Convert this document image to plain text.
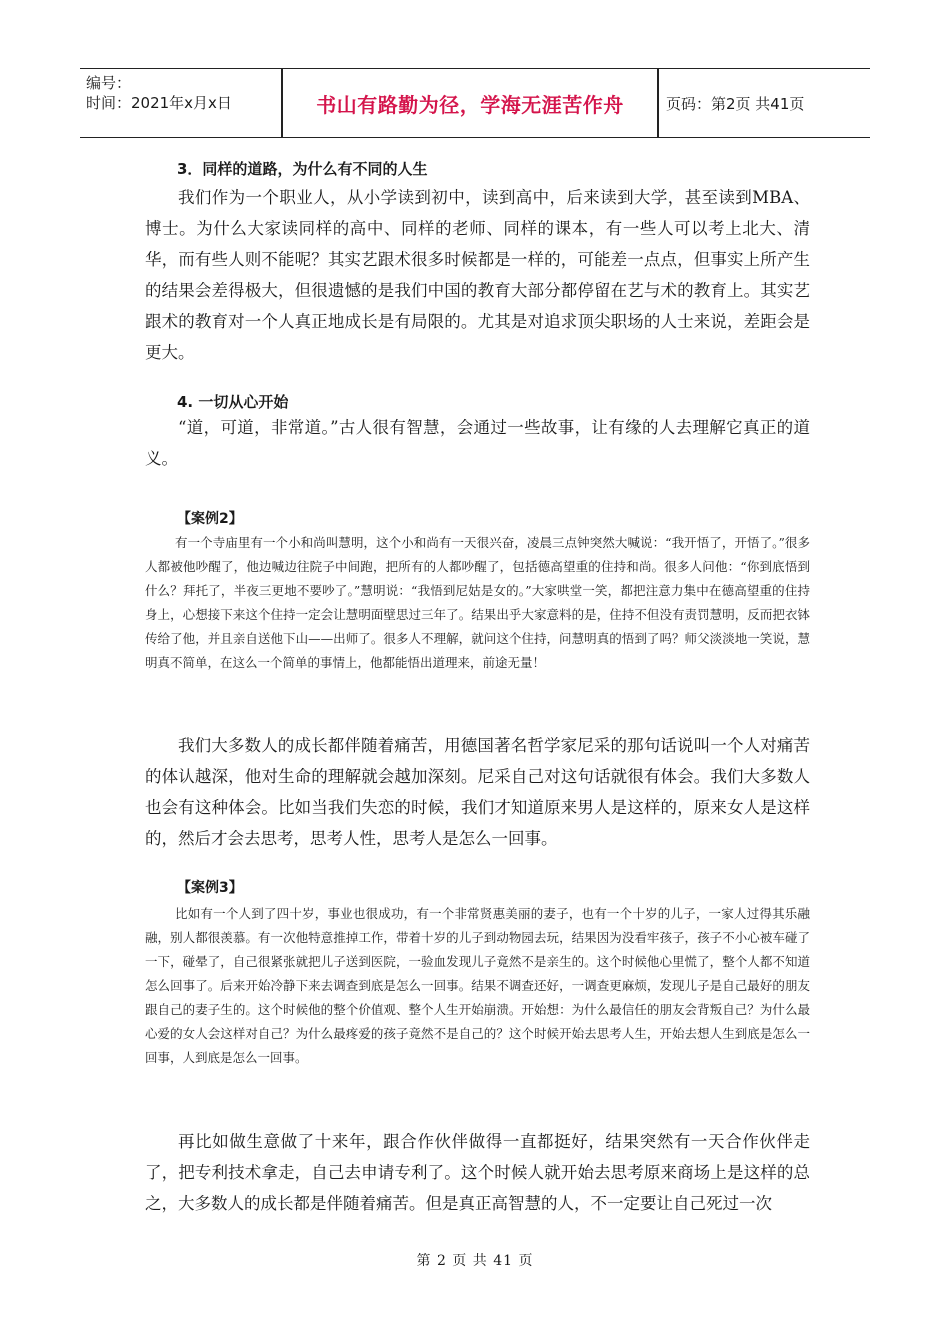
编号：
时间：2021年x月x日	书山有路勤为径，学海无涯苦作舟	页码：第2页 共41页
3．同样的道路，为什么有不同的人生

我们作为一个职业人，从小学读到初中，读到高中，后来读到大学，甚至读到MBA、博士。为什么大家读同样的高中、同样的老师、同样的课本，有一些人可以考上北大、清华，而有些人则不能呢？其实艺跟术很多时候都是一样的，可能差一点点，但事实上所产生的结果会差得极大，但很遗憾的是我们中国的教育大部分都停留在艺与术的教育上。其实艺跟术的教育对一个人真正地成长是有局限的。尤其是对追求顶尖职场的人士来说，差距会是更大。

4. 一切从心开始

“道，可道，非常道。”古人很有智慧，会通过一些故事，让有缘的人去理解它真正的道义。

【案例2】

有一个寺庙里有一个小和尚叫慧明，这个小和尚有一天很兴奋，凌晨三点钟突然大喊说：“我开悟了，开悟了。”很多人都被他吵醒了，他边喊边往院子中间跑，把所有的人都吵醒了，包括德高望重的住持和尚。很多人问他：“你到底悟到什么？拜托了，半夜三更地不要吵了。”慧明说：“我悟到尼姑是女的。”大家哄堂一笑，都把注意力集中在德高望重的住持身上，心想接下来这个住持一定会让慧明面壁思过三年了。结果出乎大家意料的是，住持不但没有责罚慧明，反而把衣钵传给了他，并且亲自送他下山——出师了。很多人不理解，就问这个住持，问慧明真的悟到了吗？师父淡淡地一笑说，慧明真不简单，在这么一个简单的事情上，他都能悟出道理来，前途无量！

我们大多数人的成长都伴随着痛苦，用德国著名哲学家尼采的那句话说叫一个人对痛苦的体认越深，他对生命的理解就会越加深刻。尼采自己对这句话就很有体会。我们大多数人也会有这种体会。比如当我们失恋的时候，我们才知道原来男人是这样的，原来女人是这样的，然后才会去思考，思考人性，思考人是怎么一回事。

【案例3】

比如有一个人到了四十岁，事业也很成功，有一个非常贤惠美丽的妻子，也有一个十岁的儿子，一家人过得其乐融融，别人都很羡慕。有一次他特意推掉工作，带着十岁的儿子到动物园去玩，结果因为没看牢孩子，孩子不小心被车碰了一下，碰晕了，自己很紧张就把儿子送到医院，一验血发现儿子竟然不是亲生的。这个时候他心里慌了，整个人都不知道怎么回事了。后来开始冷静下来去调查到底是怎么一回事。结果不调查还好，一调查更麻烦，发现儿子是自己最好的朋友跟自己的妻子生的。这个时候他的整个价值观、整个人生开始崩溃。开始想：为什么最信任的朋友会背叛自己？为什么最心爱的女人会这样对自己？为什么最疼爱的孩子竟然不是自己的？这个时候开始去思考人生，开始去想人生到底是怎么一回事，人到底是怎么一回事。

再比如做生意做了十来年，跟合作伙伴做得一直都挺好，结果突然有一天合作伙伴走了，把专利技术拿走，自己去申请专利了。这个时候人就开始去思考原来商场上是这样的总之，大多数人的成长都是伴随着痛苦。但是真正高智慧的人，不一定要让自己死过一次

第 2 页 共 41 页
